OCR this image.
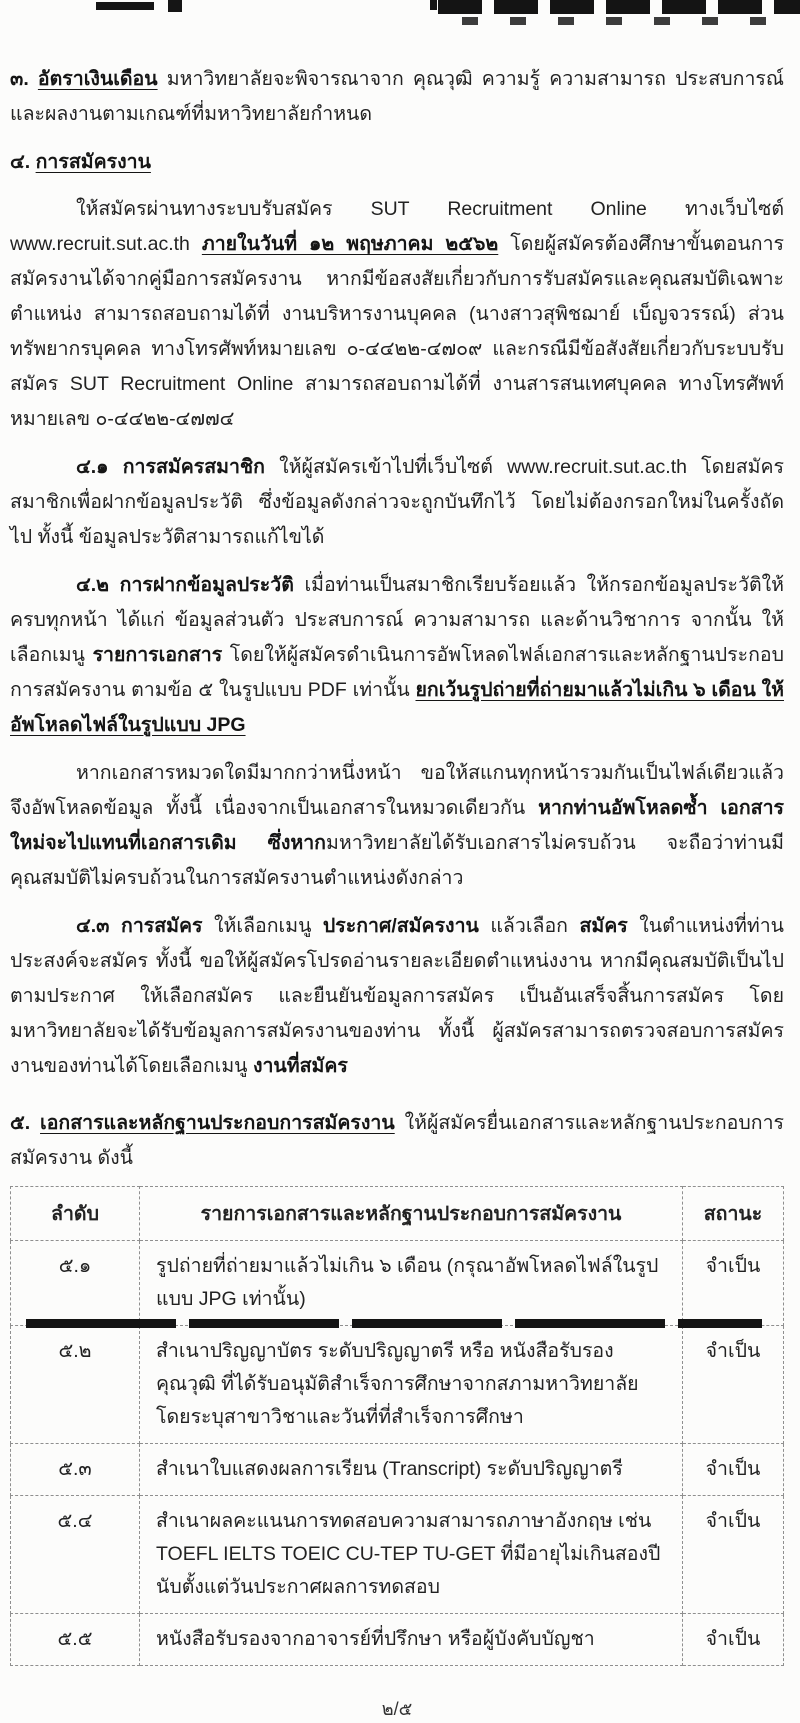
๓. อัตราเงินเดือน มหาวิทยาลัยจะพิจารณาจาก คุณวุฒิ ความรู้ ความสามารถ ประสบการณ์และผลงานตามเกณฑ์ที่มหาวิทยาลัยกำหนด
๔. การสมัครงาน
ให้สมัครผ่านทางระบบรับสมัคร SUT Recruitment Online ทางเว็บไซต์ www.recruit.sut.ac.th ภายในวันที่ ๑๒ พฤษภาคม ๒๕๖๒ โดยผู้สมัครต้องศึกษาขั้นตอนการสมัครงานได้จากคู่มือการสมัครงาน หากมีข้อสงสัยเกี่ยวกับการรับสมัครและคุณสมบัติเฉพาะตำแหน่ง สามารถสอบถามได้ที่ งานบริหารงานบุคคล (นางสาวสุพิชฌาย์ เบ็ญจวรรณ์) ส่วนทรัพยากรบุคคล ทางโทรศัพท์หมายเลข ๐-๔๔๒๒-๔๗๐๙ และกรณีมีข้อสังสัยเกี่ยวกับระบบรับสมัคร SUT Recruitment Online สามารถสอบถามได้ที่ งานสารสนเทศบุคคล ทางโทรศัพท์หมายเลข ๐-๔๔๒๒-๔๗๗๔
๔.๑ การสมัครสมาชิก ให้ผู้สมัครเข้าไปที่เว็บไซต์ www.recruit.sut.ac.th โดยสมัครสมาชิกเพื่อฝากข้อมูลประวัติ ซึ่งข้อมูลดังกล่าวจะถูกบันทึกไว้ โดยไม่ต้องกรอกใหม่ในครั้งถัดไป ทั้งนี้ ข้อมูลประวัติสามารถแก้ไขได้
๔.๒ การฝากข้อมูลประวัติ เมื่อท่านเป็นสมาชิกเรียบร้อยแล้ว ให้กรอกข้อมูลประวัติให้ครบทุกหน้า ได้แก่ ข้อมูลส่วนตัว ประสบการณ์ ความสามารถ และด้านวิชาการ จากนั้น ให้เลือกเมนู รายการเอกสาร โดยให้ผู้สมัครดำเนินการอัพโหลดไฟล์เอกสารและหลักฐานประกอบการสมัครงาน ตามข้อ ๕ ในรูปแบบ PDF เท่านั้น ยกเว้นรูปถ่ายที่ถ่ายมาแล้วไม่เกิน ๖ เดือน ให้อัพโหลดไฟล์ในรูปแบบ JPG
หากเอกสารหมวดใดมีมากกว่าหนึ่งหน้า ขอให้สแกนทุกหน้ารวมกันเป็นไฟล์เดียวแล้วจึงอัพโหลดข้อมูล ทั้งนี้ เนื่องจากเป็นเอกสารในหมวดเดียวกัน หากท่านอัพโหลดซ้ำ เอกสารใหม่จะไปแทนที่เอกสารเดิม ซึ่งหากมหาวิทยาลัยได้รับเอกสารไม่ครบถ้วน จะถือว่าท่านมีคุณสมบัติไม่ครบถ้วนในการสมัครงานตำแหน่งดังกล่าว
๔.๓ การสมัคร ให้เลือกเมนู ประกาศ/สมัครงาน แล้วเลือก สมัคร ในตำแหน่งที่ท่านประสงค์จะสมัคร ทั้งนี้ ขอให้ผู้สมัครโปรดอ่านรายละเอียดตำแหน่งงาน หากมีคุณสมบัติเป็นไปตามประกาศ ให้เลือกสมัคร และยืนยันข้อมูลการสมัคร เป็นอันเสร็จสิ้นการสมัคร โดยมหาวิทยาลัยจะได้รับข้อมูลการสมัครงานของท่าน ทั้งนี้ ผู้สมัครสามารถตรวจสอบการสมัครงานของท่านได้โดยเลือกเมนู งานที่สมัคร
๕. เอกสารและหลักฐานประกอบการสมัครงาน ให้ผู้สมัครยื่นเอกสารและหลักฐานประกอบการสมัครงาน ดังนี้
ลำดับ	รายการเอกสารและหลักฐานประกอบการสมัครงาน	สถานะ
๕.๑	รูปถ่ายที่ถ่ายมาแล้วไม่เกิน ๖ เดือน (กรุณาอัพโหลดไฟล์ในรูปแบบ JPG เท่านั้น)	จำเป็น
๕.๒	สำเนาปริญญาบัตร ระดับปริญญาตรี หรือ หนังสือรับรองคุณวุฒิ ที่ได้รับอนุมัติสำเร็จการศึกษาจากสภามหาวิทยาลัย โดยระบุสาขาวิชาและวันที่ที่สำเร็จการศึกษา	จำเป็น
๕.๓	สำเนาใบแสดงผลการเรียน (Transcript) ระดับปริญญาตรี	จำเป็น
๕.๔	สำเนาผลคะแนนการทดสอบความสามารถภาษาอังกฤษ เช่น TOEFL IELTS TOEIC CU-TEP TU-GET ที่มีอายุไม่เกินสองปีนับตั้งแต่วันประกาศผลการทดสอบ	จำเป็น
๕.๕	หนังสือรับรองจากอาจารย์ที่ปรึกษา หรือผู้บังคับบัญชา	จำเป็น
๒/๕
